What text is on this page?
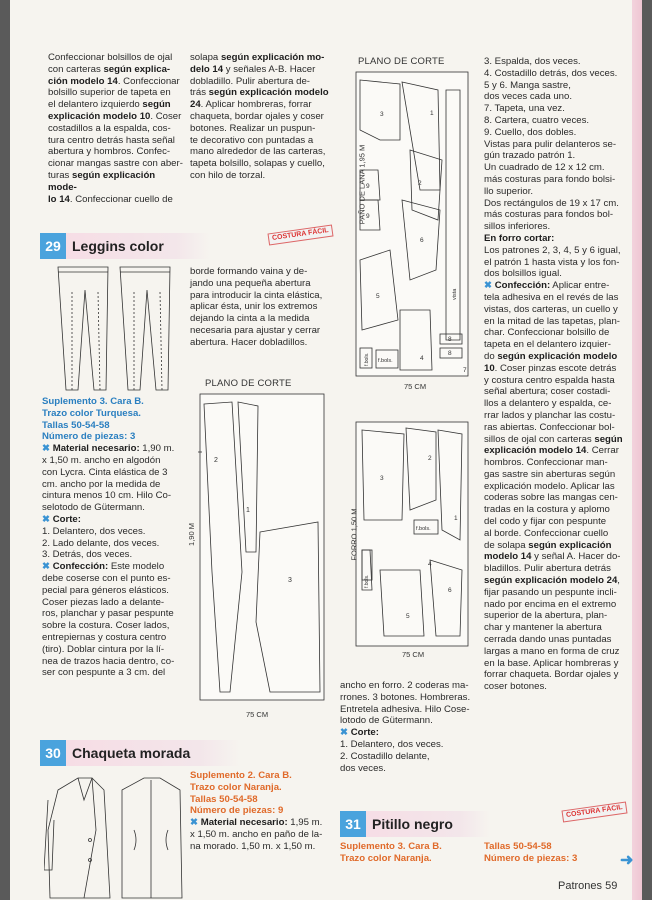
Confeccionar bolsillos de ojal

con carteras según explica-

ción modelo 14. Confeccionar

bolsillo superior de tapeta en

el delantero izquierdo según

explicación modelo 10. Coser

costadillos a la espalda, cos-

tura centro detrás hasta señal

abertura y hombros. Confec-

cionar mangas sastre con aber-

turas según explicación mode-

lo 14. Confeccionar cuello de

solapa según explicación mo-

delo 14 y señales A-B. Hacer

dobladillo. Pulir abertura de-

trás según explicación modelo

24. Aplicar hombreras, forrar

chaqueta, bordar ojales y coser

botones. Realizar un puspun-

te decorativo con puntadas a

mano alrededor de las carteras,

tapeta bolsillo, solapas y cuello,

con hilo de torzal.

29 Leggins color
COSTURA FÁCIL

Suplemento 3. Cara B.

Trazo color Turquesa.

Tallas 50-54-58

Número de piezas: 3

✖ Material necesario: 1,90 m.

x 1,50 m. ancho en algodón

con Lycra. Cinta elástica de 3

cm. ancho por la medida de

cintura menos 10 cm. Hilo Co-

selotodo de Gütermann.

✖ Corte:

1. Delantero, dos veces.

2. Lado delante, dos veces.

3. Detrás, dos veces.

✖ Confección: Este modelo

debe coserse con el punto es-

pecial para géneros elásticos.

Coser piezas lado a delante-

ros, planchar y pasar pespunte

sobre la costura. Coser lados,

entrepiernas y costura centro

(tiro). Doblar cintura por la lí-

nea de trazos hacia dentro, co-

ser con pespunte a 3 cm. del

borde formando vaina y de-

jando una pequeña abertura

para introducir la cinta elástica,

aplicar ésta, unir los extremos

dejando la cinta a la medida

necesaria para ajustar y cerrar

abertura. Hacer dobladillos.

PLANO DE CORTE
2
1
3
1,90 M
75 CM
PLANO DE CORTE
3	1
2
9
9
6
5
4
8
8
7
f.bols.
f.bols.
vista
PAÑO DE LANA 1,95 M
75 CM
2
3
1
f.bols.
6
4
5
f.bols.
FORRO 1,50 M
75 CM

ancho en forro. 2 coderas ma-

rrones. 3 botones. Hombreras.

Entretela adhesiva. Hilo Cose-

lotodo de Gütermann.

✖ Corte:

1. Delantero, dos veces.

2. Costadillo delante,

dos veces.

3. Espalda, dos veces.

4. Costadillo detrás, dos veces.

5 y 6. Manga sastre,

dos veces cada uno.

7. Tapeta, una vez.

8. Cartera, cuatro veces.

9. Cuello, dos dobles.

Vistas para pulir delanteros se-

gún trazado patrón 1.

Un cuadrado de 12 x 12 cm.

más costuras para fondo bolsi-

llo superior.

Dos rectángulos de 19 x 17 cm.

más costuras para fondos bol-

sillos inferiores.

En forro cortar:

Los patrones 2, 3, 4, 5 y 6 igual,

el patrón 1 hasta vista y los fon-

dos bolsillos igual.

✖ Confección: Aplicar entre-

tela adhesiva en el revés de las

vistas, dos carteras, un cuello y

en la mitad de las tapetas, plan-

char. Confeccionar bolsillo de

tapeta en el delantero izquier-

do según explicación modelo

10. Coser pinzas escote detrás

y costura centro espalda hasta

señal abertura; coser costadi-

llos a delantero y espalda, ce-

rrar lados y planchar las costu-

ras abiertas. Confeccionar bol-

sillos de ojal con carteras según

explicación modelo 14. Cerrar

hombros. Confeccionar man-

gas sastre sin aberturas según

explicación modelo. Aplicar las

coderas sobre las mangas cen-

tradas en la costura y aplomo

del codo y fijar con pespunte

al borde. Confeccionar cuello

de solapa según explicación

modelo 14 y señal A. Hacer do-

bladillos. Pulir abertura detrás

según explicación modelo 24,

fijar pasando un pespunte incli-

nado por encima en el extremo

superior de la abertura, plan-

char y mantener la abertura

cerrada dando unas puntadas

largas a mano en forma de cruz

en la base. Aplicar hombreras y

forrar chaqueta. Bordar ojales y

coser botones.

30 Chaqueta morada

Suplemento 2. Cara B.

Trazo color Naranja.

Tallas 50-54-58

Número de piezas: 9

✖ Material necesario: 1,95 m.

x 1,50 m. ancho en paño de la-

na morado. 1,50 m. x 1,50 m.

31 Pitillo negro
COSTURA FÁCIL

Suplemento 3. Cara B.

Trazo color Naranja.

Tallas 50-54-58

Número de piezas: 3	➜
Patrones 59
